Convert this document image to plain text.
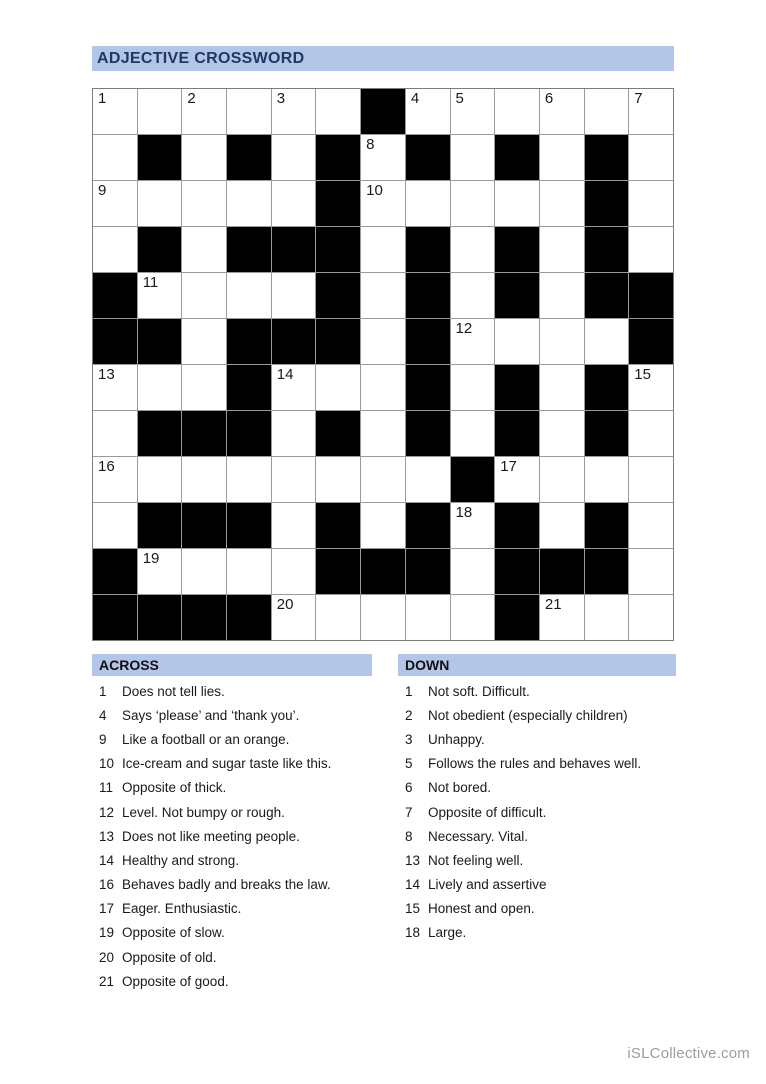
ADJECTIVE CROSSWORD
1	2	3	4 5	6	7
8
9	10
11
12
13	14	15
16	17
18
19
20	21
ACROSS
1	Does not tell lies.
4	Says ‘please’ and ‘thank you’.
9	Like a football or an orange.
10 Ice-cream and sugar taste like this.
11 Opposite of thick.
12 Level. Not bumpy or rough.
13 Does not like meeting people.
14 Healthy and strong.
16 Behaves badly and breaks the law.
17 Eager. Enthusiastic.
19 Opposite of slow.
20 Opposite of old.
21 Opposite of good.
DOWN
1	Not soft. Difficult.
2	Not obedient (especially children)
3	Unhappy.
5	Follows the rules and behaves well.
6	Not bored.
7	Opposite of difficult.
8	Necessary. Vital.
13 Not feeling well.
14 Lively and assertive
15 Honest and open.
18 Large.
iSLCollective.com
